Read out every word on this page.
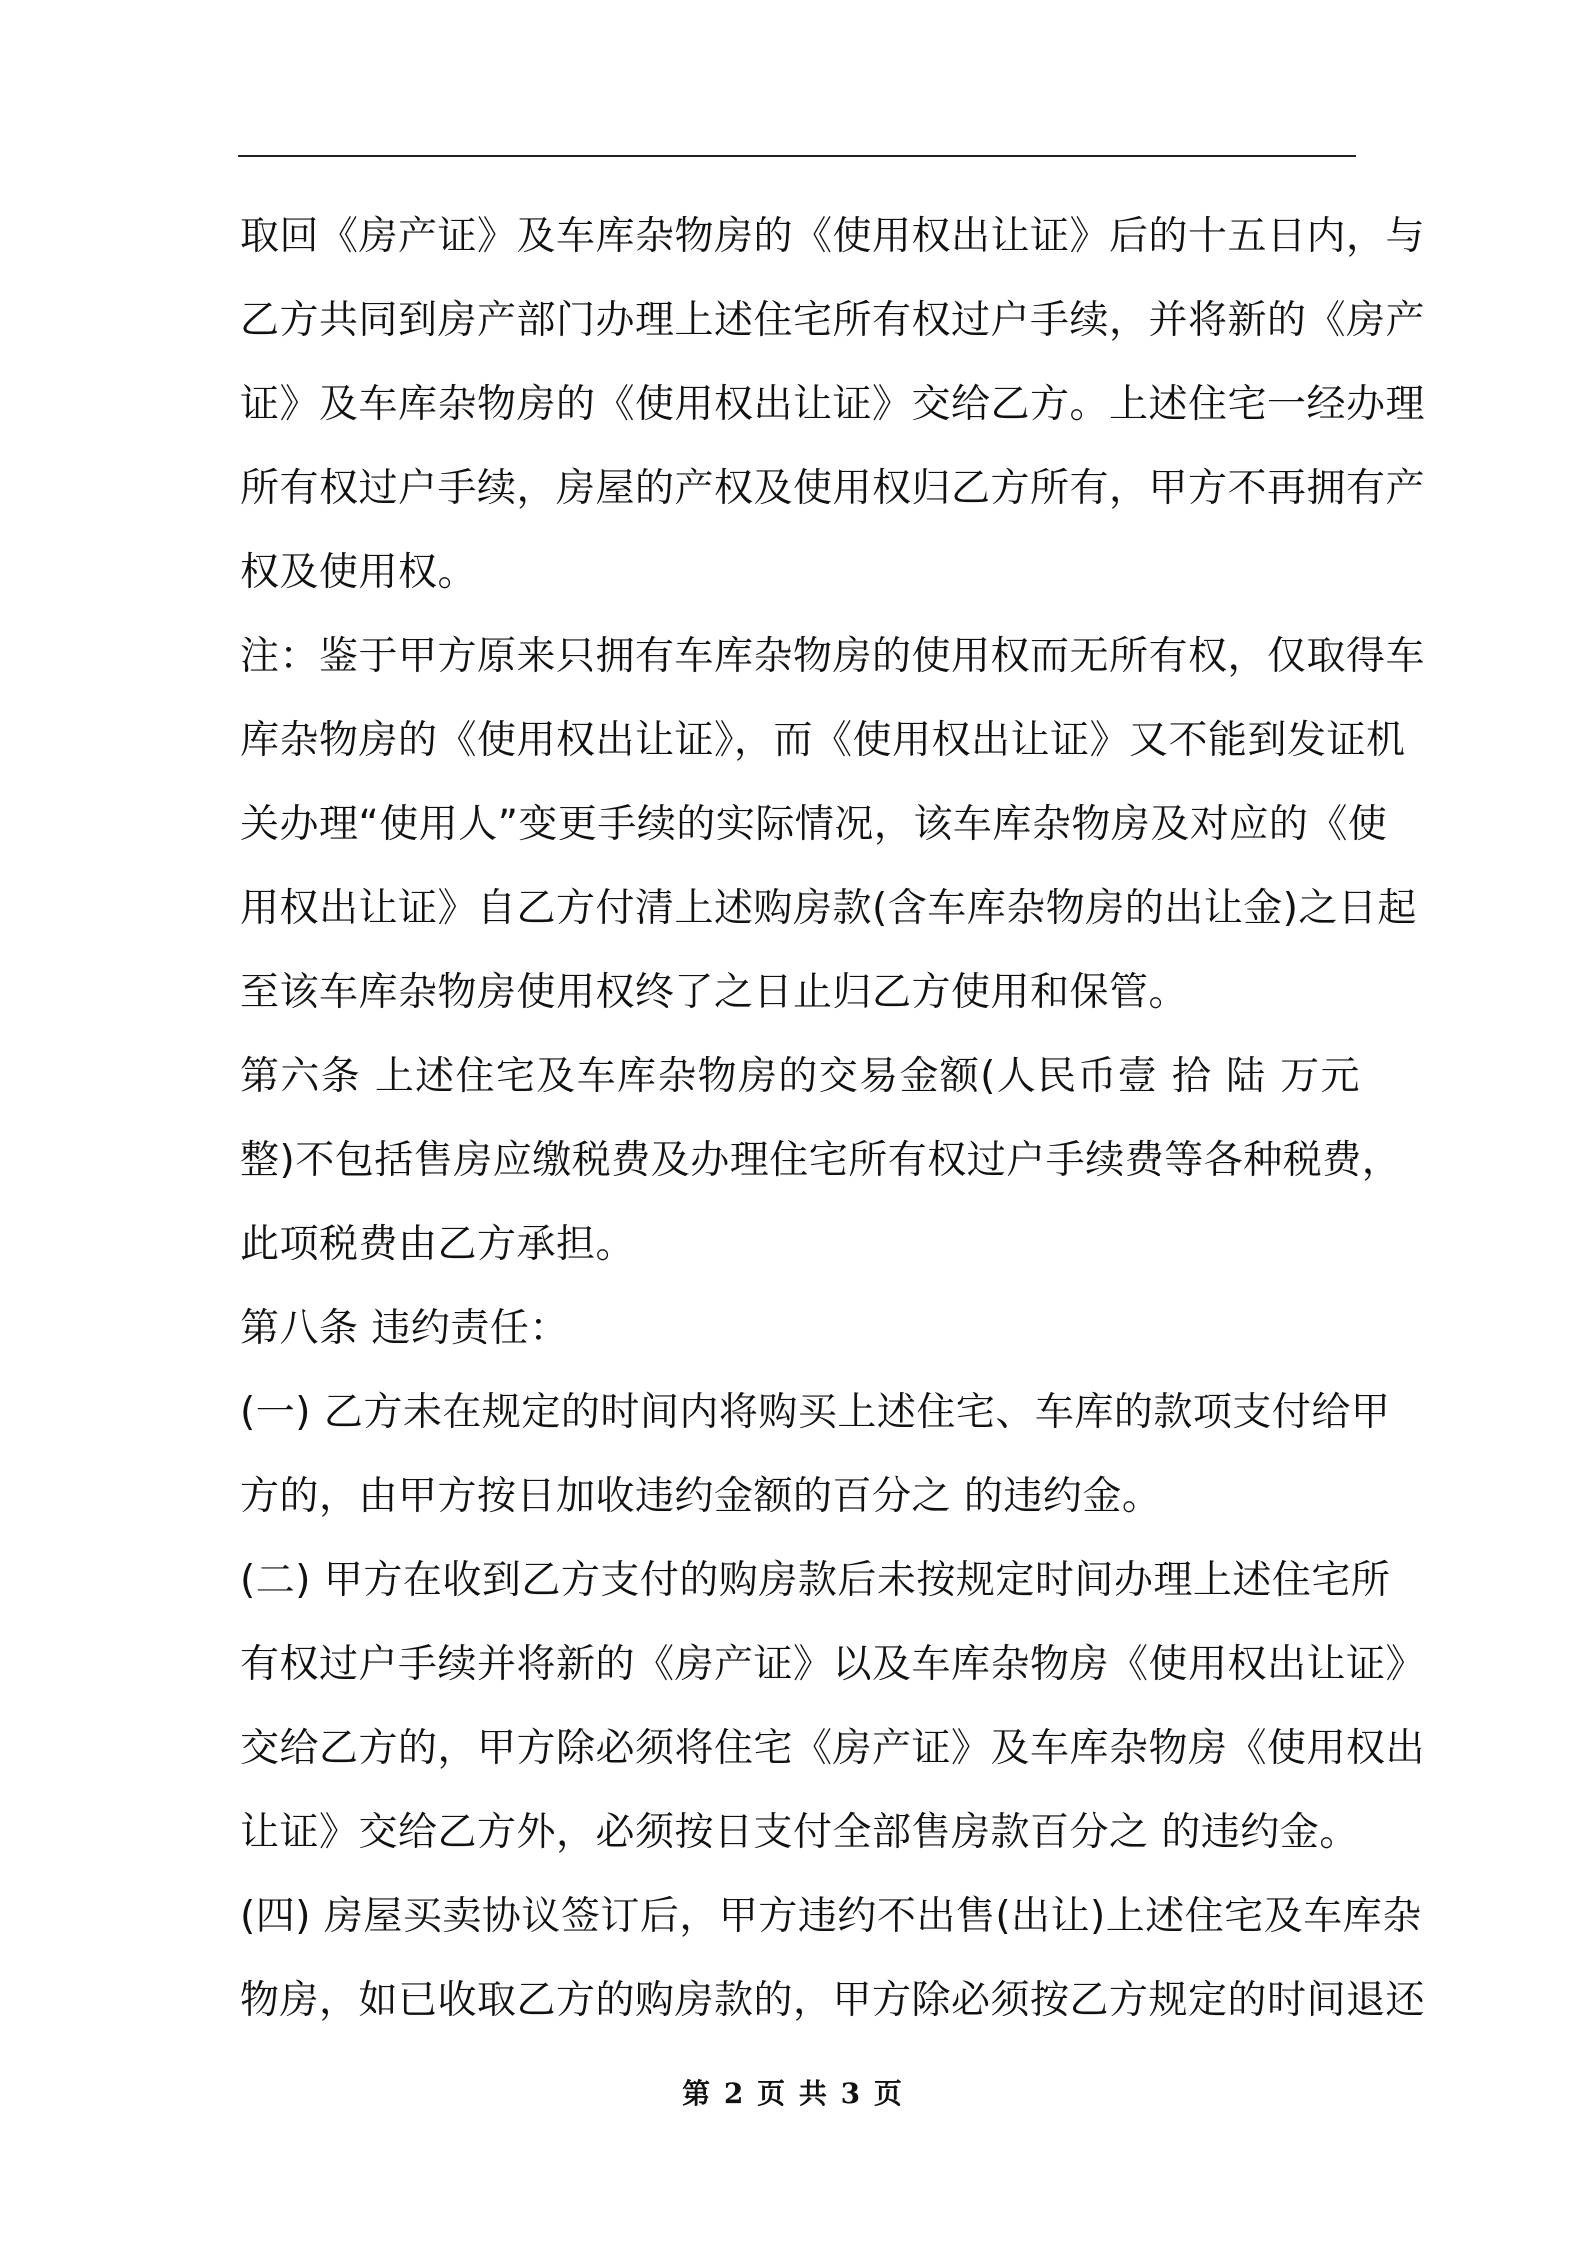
取回《房产证》及车库杂物房的《使用权出让证》后的十五日内，与
乙方共同到房产部门办理上述住宅所有权过户手续，并将新的《房产
证》及车库杂物房的《使用权出让证》交给乙方。上述住宅一经办理
所有权过户手续，房屋的产权及使用权归乙方所有，甲方不再拥有产
权及使用权。
注：鉴于甲方原来只拥有车库杂物房的使用权而无所有权，仅取得车
库杂物房的《使用权出让证》，而《使用权出让证》又不能到发证机
关办理“使用人”变更手续的实际情况，该车库杂物房及对应的《使
用权出让证》自乙方付清上述购房款(含车库杂物房的出让金)之日起
至该车库杂物房使用权终了之日止归乙方使用和保管。
第六条 上述住宅及车库杂物房的交易金额(人民币壹 拾 陆 万元
整)不包括售房应缴税费及办理住宅所有权过户手续费等各种税费，
此项税费由乙方承担。
第八条 违约责任：
(一) 乙方未在规定的时间内将购买上述住宅、车库的款项支付给甲
方的，由甲方按日加收违约金额的百分之 的违约金。
(二) 甲方在收到乙方支付的购房款后未按规定时间办理上述住宅所
有权过户手续并将新的《房产证》以及车库杂物房《使用权出让证》
交给乙方的，甲方除必须将住宅《房产证》及车库杂物房《使用权出
让证》交给乙方外，必须按日支付全部售房款百分之 的违约金。
(四) 房屋买卖协议签订后，甲方违约不出售(出让)上述住宅及车库杂
物房，如已收取乙方的购房款的，甲方除必须按乙方规定的时间退还
第 2 页 共 3 页
